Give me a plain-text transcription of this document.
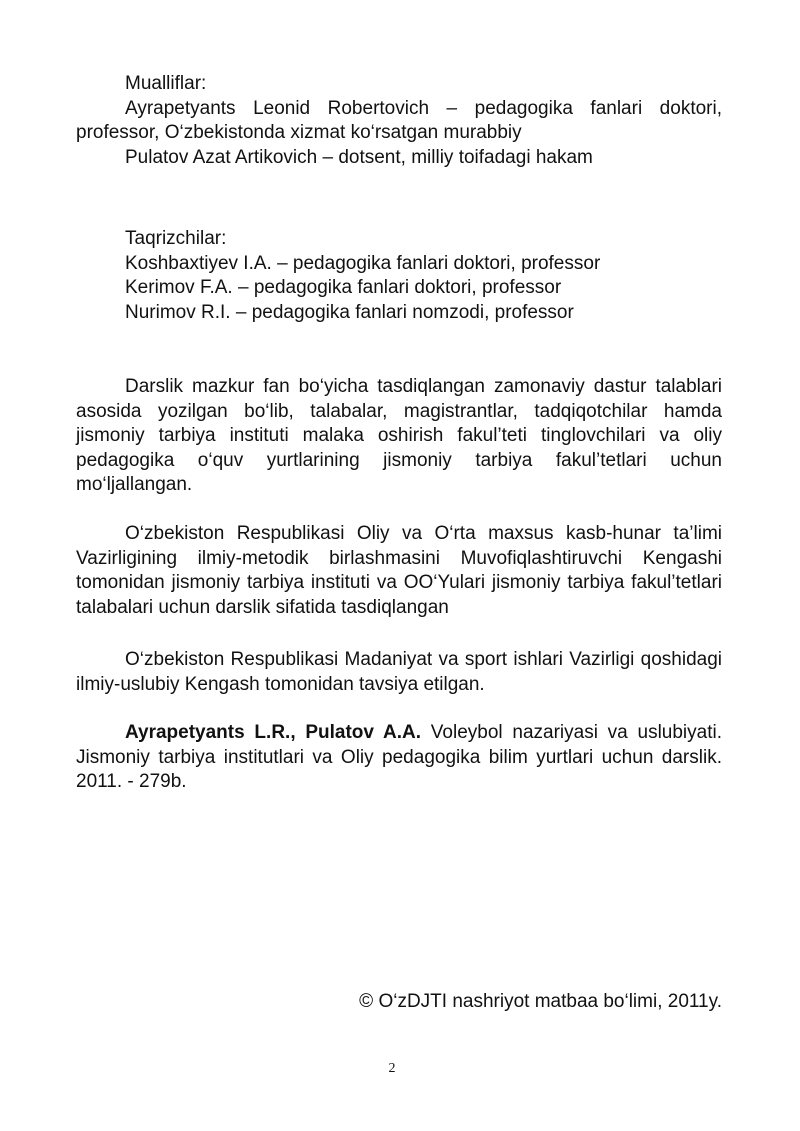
Mualliflar:
Ayrapetyants Leonid Robertovich – pedagogika fanlari doktori,
professor, O‘zbekistonda xizmat ko‘rsatgan murabbiy
Pulatov Azat Artikovich – dotsent, milliy toifadagi hakam
Taqrizchilar:
Koshbaxtiyev I.A. – pedagogika fanlari doktori, professor
Kerimov F.A. – pedagogika fanlari doktori, professor
Nurimov R.I. – pedagogika fanlari nomzodi, professor

Darslik mazkur fan bo‘yicha tasdiqlangan zamonaviy dastur talablari asosida yozilgan bo‘lib, talabalar, magistrantlar, tadqiqotchilar hamda jismoniy tarbiya instituti malaka oshirish fakul’teti tinglovchilari va oliy pedagogika o‘quv yurtlarining jismoniy tarbiya fakul’tetlari uchun mo‘ljallangan.

O‘zbekiston Respublikasi Oliy va O‘rta maxsus kasb-hunar ta’limi Vazirligining ilmiy-metodik birlashmasini Muvofiqlashtiruvchi Kengashi tomonidan jismoniy tarbiya instituti va OO‘Yulari jismoniy tarbiya fakul’tetlari talabalari uchun darslik sifatida tasdiqlangan

O‘zbekiston Respublikasi Madaniyat va sport ishlari Vazirligi qoshidagi ilmiy-uslubiy Kengash tomonidan tavsiya etilgan.

Ayrapetyants L.R., Pulatov A.A. Voleybol nazariyasi va uslubiyati. Jismoniy tarbiya institutlari va Oliy pedagogika bilim yurtlari uchun darslik. 2011. - 279b.

© O‘zDJTI nashriyot matbaa bo‘limi, 2011y.
2
